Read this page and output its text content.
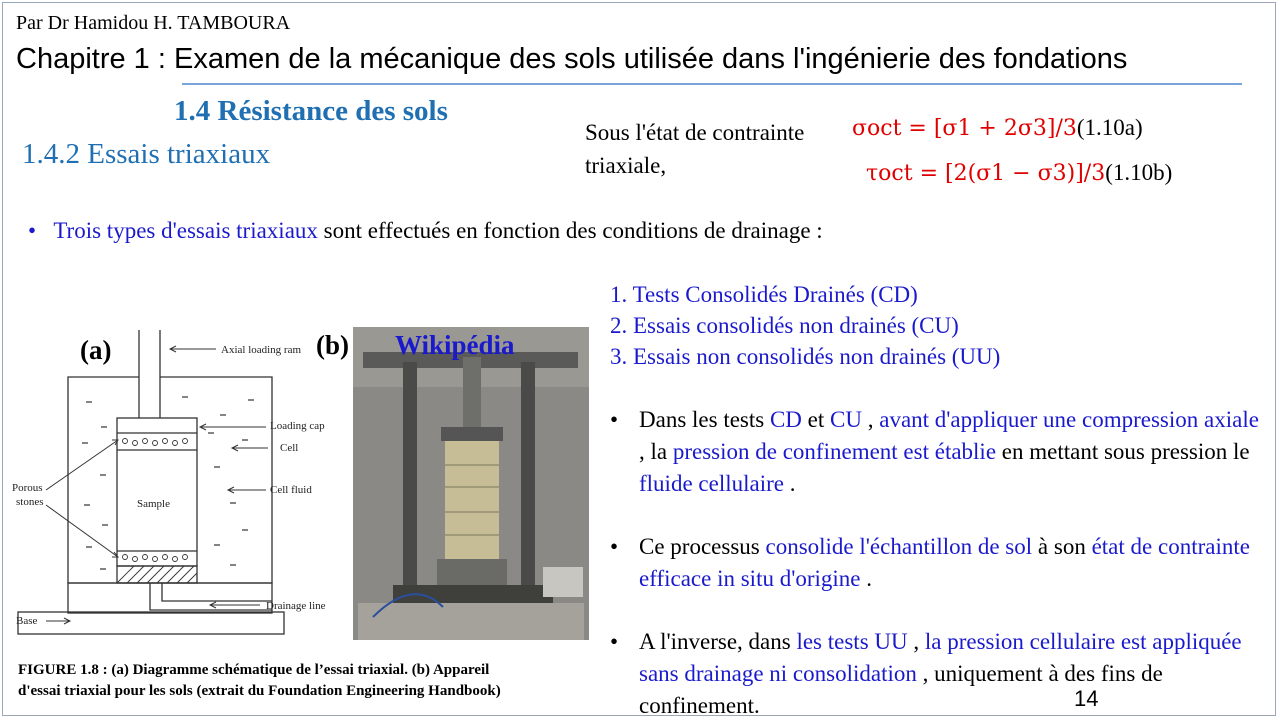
Par Dr Hamidou H. TAMBOURA
Chapitre 1 : Examen de la mécanique des sols utilisée dans l'ingénierie des fondations
1.4 Résistance des sols
1.4.2 Essais triaxiaux
Sous l'état de contrainte triaxiale,
σoct = [σ1 + 2σ3]/3(1.10a)
τoct = [2(σ1 − σ3)]/3(1.10b)
• Trois types d'essais triaxiaux sont effectués en fonction des conditions de drainage :
1. Tests Consolidés Drainés (CD)
2. Essais consolidés non drainés (CU)
3. Essais non consolidés non drainés (UU)
• Dans les tests CD et CU , avant d'appliquer une compression axiale , la pression de confinement est établie en mettant sous pression le fluide cellulaire .
• Ce processus consolide l'échantillon de sol à son état de contrainte efficace in situ d'origine .
• A l'inverse, dans les tests UU , la pression cellulaire est appliquée sans drainage ni consolidation , uniquement à des fins de confinement.
Axial loading ram
Loading cap
Cell
Cell fluid
Porous
stones	Sample
Drainage line
Base
(a)	(b) Wikipédia
FIGURE 1.8 : (a) Diagramme schématique de l’essai triaxial. (b) Appareil
d'essai triaxial pour les sols (extrait du Foundation Engineering Handbook)	14
